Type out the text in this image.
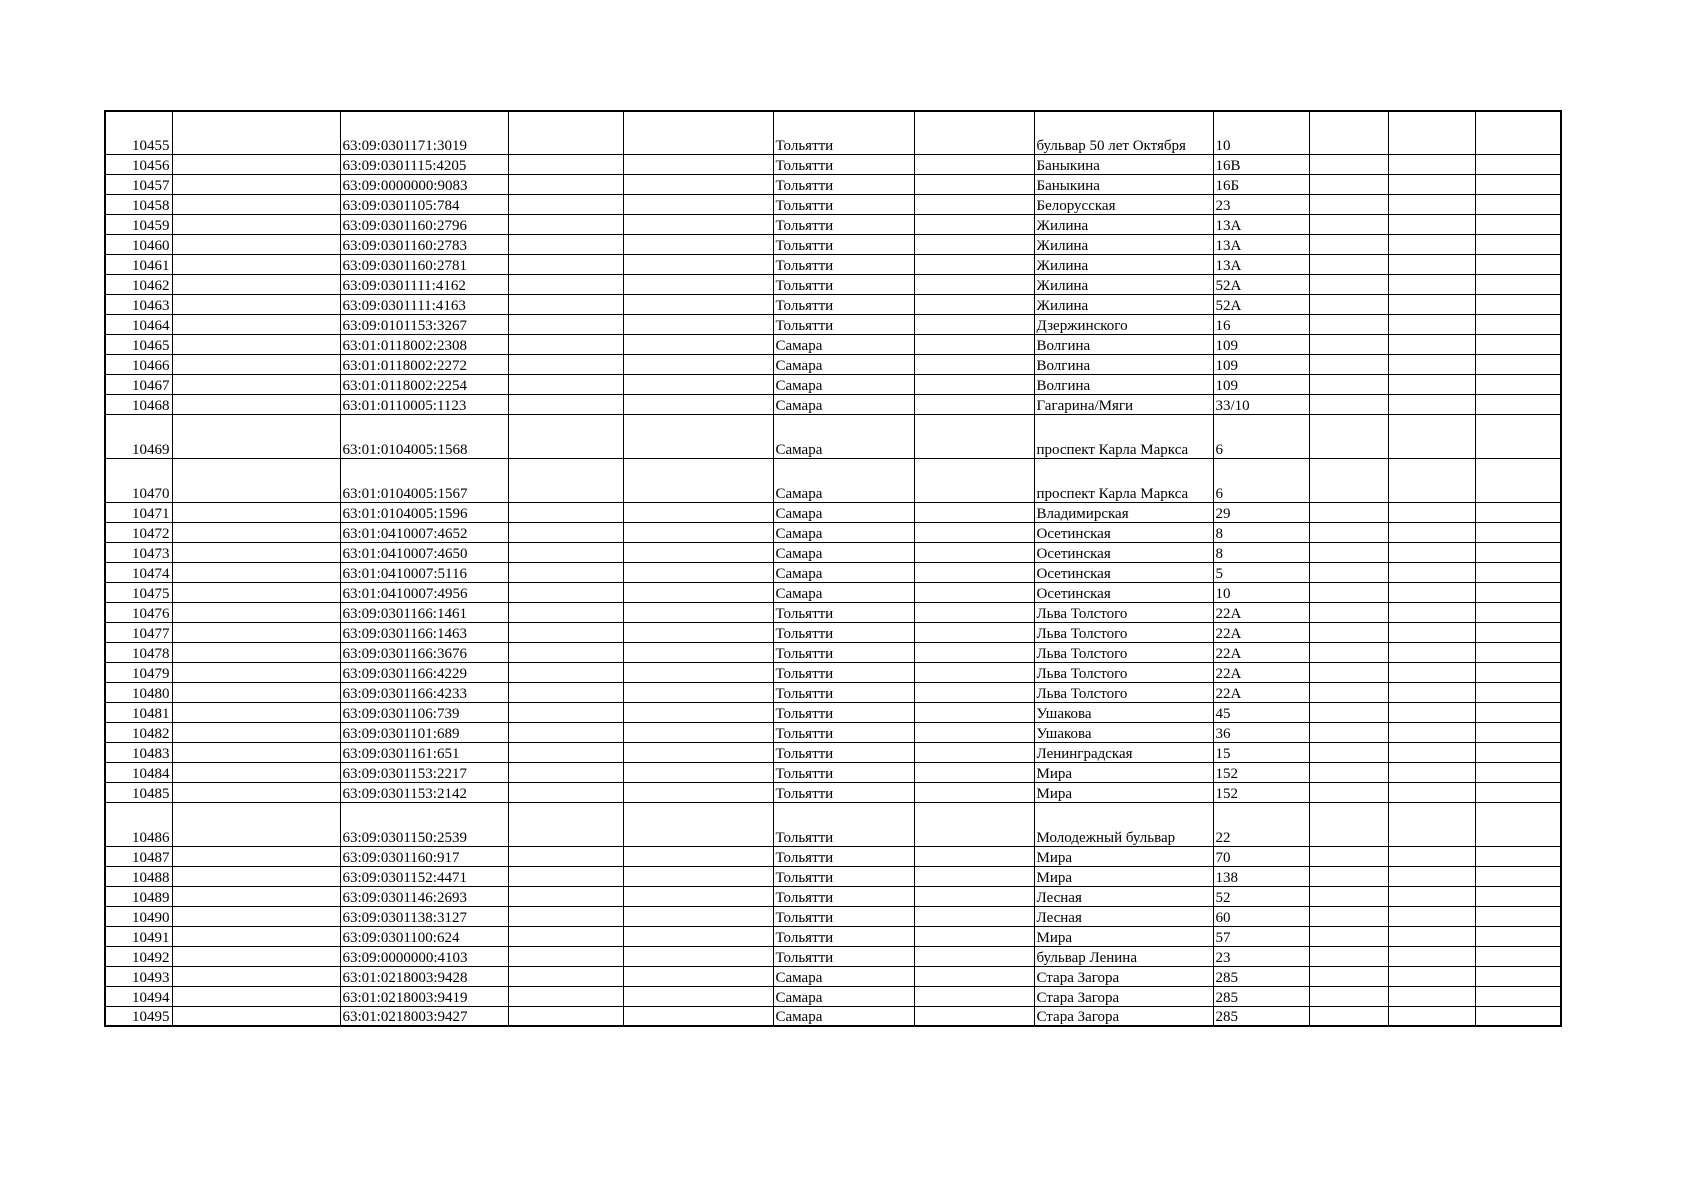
10455		63:09:0301171:3019			Тольятти		бульвар 50 лет Октября	10			
10456		63:09:0301115:4205			Тольятти		Баныкина	16В			
10457		63:09:0000000:9083			Тольятти		Баныкина	16Б			
10458		63:09:0301105:784			Тольятти		Белорусская	23			
10459		63:09:0301160:2796			Тольятти		Жилина	13А			
10460		63:09:0301160:2783			Тольятти		Жилина	13А			
10461		63:09:0301160:2781			Тольятти		Жилина	13А			
10462		63:09:0301111:4162			Тольятти		Жилина	52А			
10463		63:09:0301111:4163			Тольятти		Жилина	52А			
10464		63:09:0101153:3267			Тольятти		Дзержинского	16			
10465		63:01:0118002:2308			Самара		Волгина	109			
10466		63:01:0118002:2272			Самара		Волгина	109			
10467		63:01:0118002:2254			Самара		Волгина	109			
10468		63:01:0110005:1123			Самара		Гагарина/Мяги	33/10			
10469		63:01:0104005:1568			Самара		проспект Карла Маркса	6			
10470		63:01:0104005:1567			Самара		проспект Карла Маркса	6			
10471		63:01:0104005:1596			Самара		Владимирская	29			
10472		63:01:0410007:4652			Самара		Осетинская	8			
10473		63:01:0410007:4650			Самара		Осетинская	8			
10474		63:01:0410007:5116			Самара		Осетинская	5			
10475		63:01:0410007:4956			Самара		Осетинская	10			
10476		63:09:0301166:1461			Тольятти		Льва Толстого	22А			
10477		63:09:0301166:1463			Тольятти		Льва Толстого	22А			
10478		63:09:0301166:3676			Тольятти		Льва Толстого	22А			
10479		63:09:0301166:4229			Тольятти		Льва Толстого	22А			
10480		63:09:0301166:4233			Тольятти		Льва Толстого	22А			
10481		63:09:0301106:739			Тольятти		Ушакова	45			
10482		63:09:0301101:689			Тольятти		Ушакова	36			
10483		63:09:0301161:651			Тольятти		Ленинградская	15			
10484		63:09:0301153:2217			Тольятти		Мира	152			
10485		63:09:0301153:2142			Тольятти		Мира	152			
10486		63:09:0301150:2539			Тольятти		Молодежный бульвар	22			
10487		63:09:0301160:917			Тольятти		Мира	70			
10488		63:09:0301152:4471			Тольятти		Мира	138			
10489		63:09:0301146:2693			Тольятти		Лесная	52			
10490		63:09:0301138:3127			Тольятти		Лесная	60			
10491		63:09:0301100:624			Тольятти		Мира	57			
10492		63:09:0000000:4103			Тольятти		бульвар Ленина	23			
10493		63:01:0218003:9428			Самара		Стара Загора	285			
10494		63:01:0218003:9419			Самара		Стара Загора	285			
10495		63:01:0218003:9427			Самара		Стара Загора	285			
